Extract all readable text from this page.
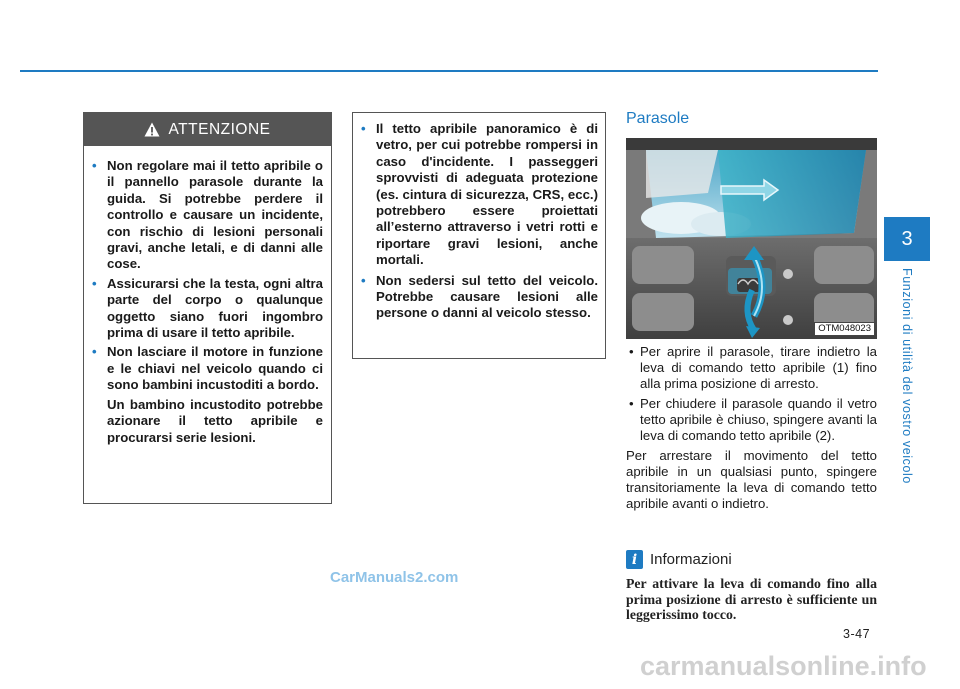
ATTENZIONE
• Non regolare mai il tetto apribile o il pannello parasole durante la guida. Si potrebbe perdere il controllo e causare un incidente, con rischio di lesioni personali gravi, anche letali, e di danni alle cose.
• Assicurarsi che la testa, ogni altra parte del corpo o qualunque oggetto siano fuori ingombro prima di usare il tetto apribile.
• Non lasciare il motore in funzione e le chiavi nel veicolo quando ci sono bambini incustoditi a bordo.
Un bambino incustodito potrebbe azionare il tetto apribile e procurarsi serie lesioni.
• Il tetto apribile panoramico è di vetro, per cui potrebbe rompersi in caso d'incidente. I passeggeri sprovvisti di adeguata protezione (es. cintura di sicurezza, CRS, ecc.) potrebbero essere proiettati all’esterno attraverso i vetri rotti e riportare gravi lesioni, anche mortali.
• Non sedersi sul tetto del veicolo. Potrebbe causare lesioni alle persone o danni al veicolo stesso.
Parasole
OTM048023
• Per aprire il parasole, tirare indietro la leva di comando tetto apribile (1) fino alla prima posizione di arresto.
• Per chiudere il parasole quando il vetro tetto apribile è chiuso, spingere avanti la leva di comando tetto apribile (2).

Per arrestare il movimento del tetto apribile in un qualsiasi punto, spingere transitoriamente la leva di comando tetto apribile avanti o indietro.

i Informazioni
Per attivare la leva di comando fino alla prima posizione di arresto è sufficiente un leggerissimo tocco.
3-47
3
Funzioni di utilità del vostro veicolo
CarManuals2.com
carmanualsonline.info
